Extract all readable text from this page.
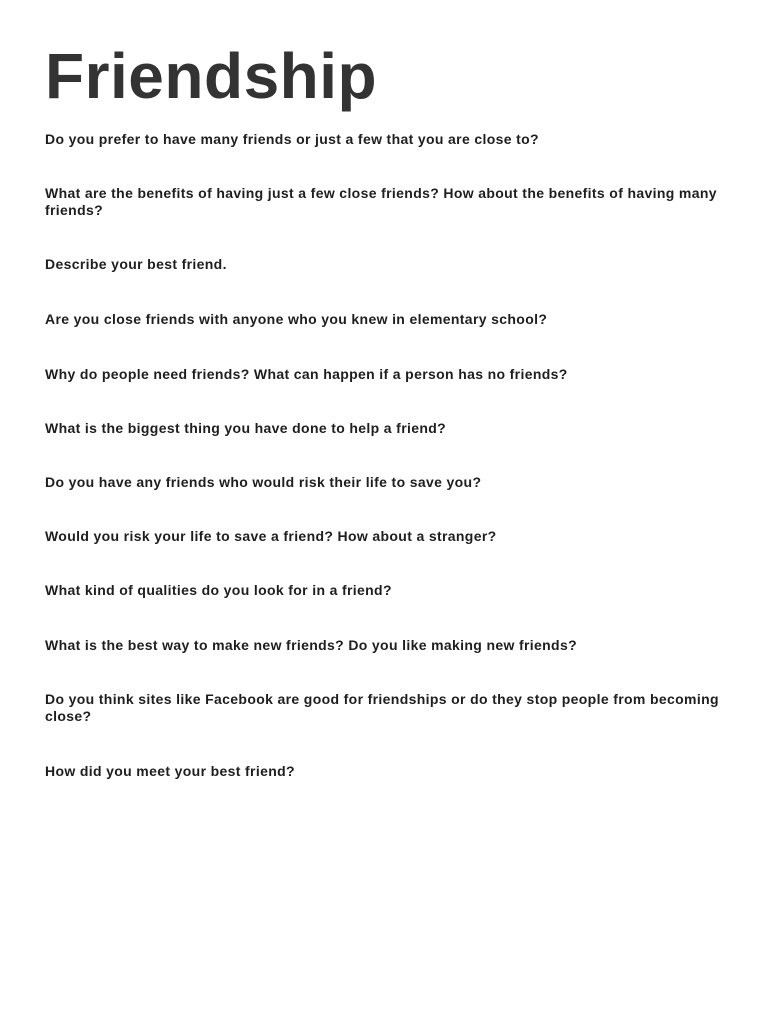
Friendship
Do you prefer to have many friends or just a few that you are close to?
What are the benefits of having just a few close friends? How about the benefits of having many friends?
Describe your best friend.
Are you close friends with anyone who you knew in elementary school?
Why do people need friends? What can happen if a person has no friends?
What is the biggest thing you have done to help a friend?
Do you have any friends who would risk their life to save you?
Would you risk your life to save a friend? How about a stranger?
What kind of qualities do you look for in a friend?
What is the best way to make new friends? Do you like making new friends?
Do you think sites like Facebook are good for friendships or do they stop people from becoming close?
How did you meet your best friend?
